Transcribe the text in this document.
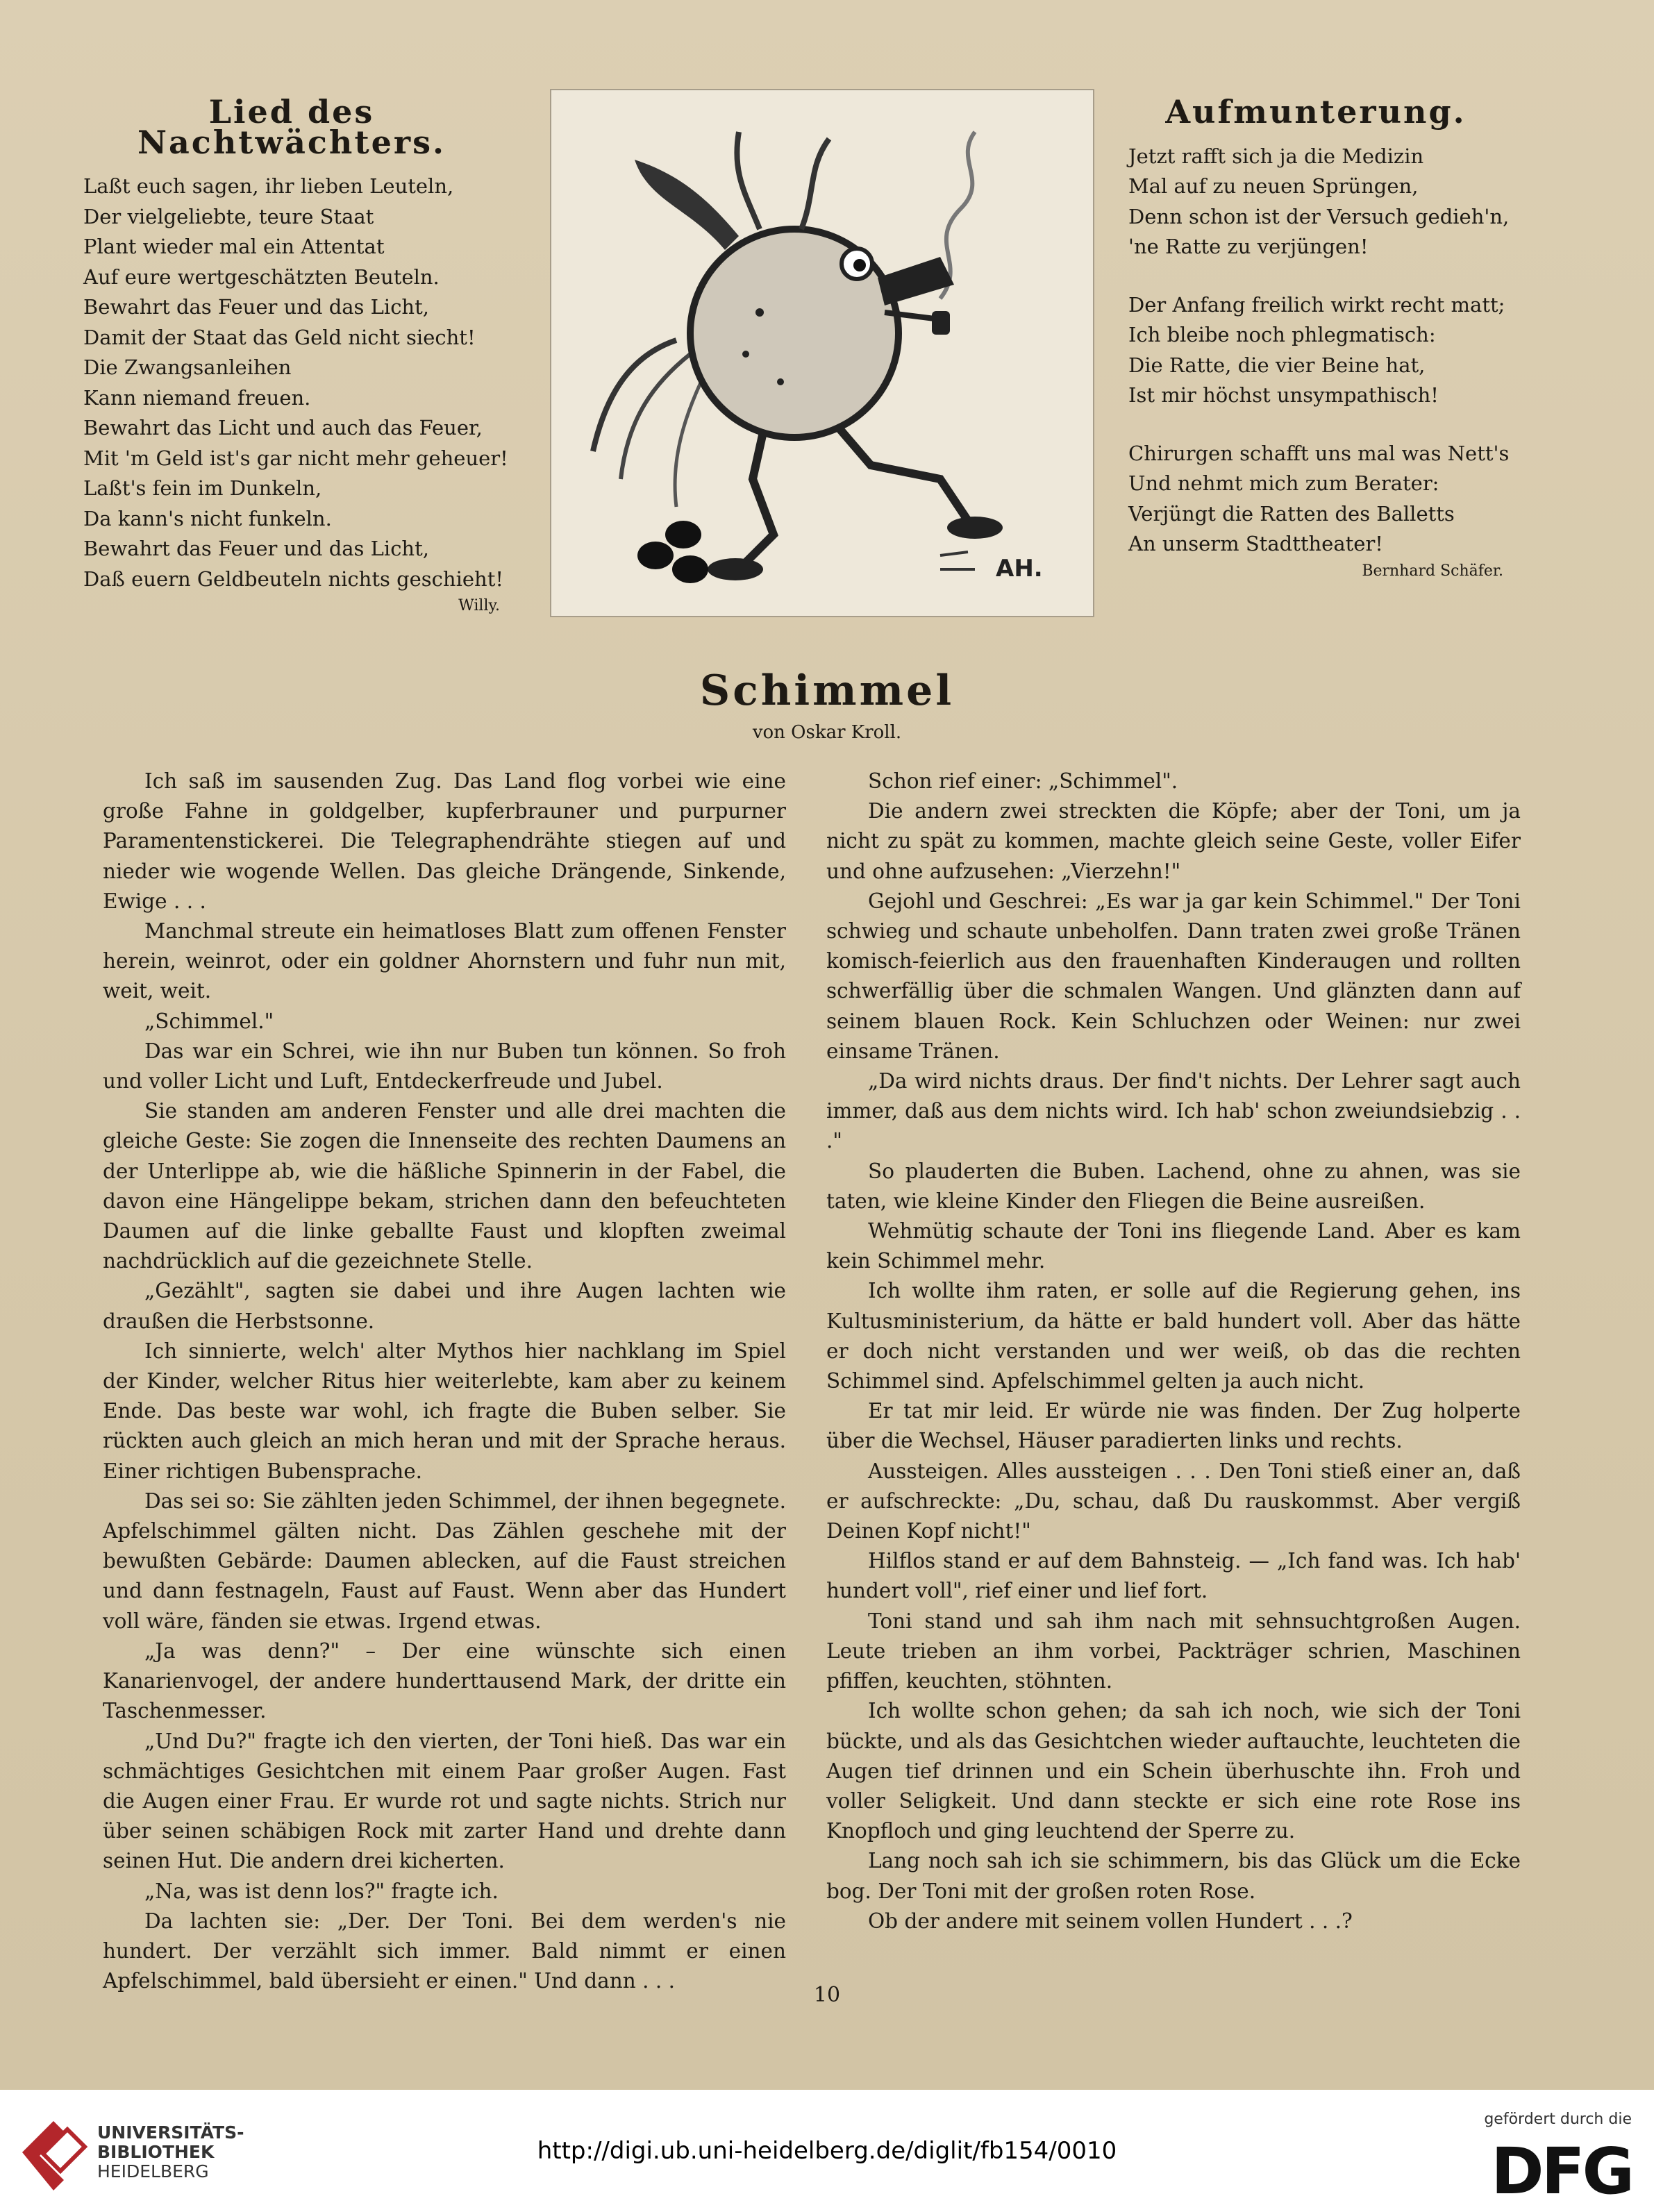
Lied des Nachtwächters.
Laßt euch sagen, ihr lieben Leuteln,
Der vielgeliebte, teure Staat
Plant wieder mal ein Attentat
Auf eure wertgeschätzten Beuteln.
Bewahrt das Feuer und das Licht,
Damit der Staat das Geld nicht siecht!
Die Zwangsanleihen
Kann niemand freuen.
Bewahrt das Licht und auch das Feuer,
Mit 'm Geld ist's gar nicht mehr geheuer!
Laßt's fein im Dunkeln,
Da kann's nicht funkeln.
Bewahrt das Feuer und das Licht,
Daß euern Geldbeuteln nichts geschieht!
Willy.
AH.
Aufmunterung.
Jetzt rafft sich ja die Medizin
Mal auf zu neuen Sprüngen,
Denn schon ist der Versuch gedieh'n,
'ne Ratte zu verjüngen!
Der Anfang freilich wirkt recht matt;
Ich bleibe noch phlegmatisch:
Die Ratte, die vier Beine hat,
Ist mir höchst unsympathisch!
Chirurgen schafft uns mal was Nett's
Und nehmt mich zum Berater:
Verjüngt die Ratten des Balletts
An unserm Stadttheater!
Bernhard Schäfer.
Schimmel
von Oskar Kroll.

Ich saß im sausenden Zug. Das Land flog vorbei wie eine große Fahne in goldgelber, kupferbrauner und purpurner Paramentenstickerei. Die Telegraphendrähte stiegen auf und nieder wie wogende Wellen. Das gleiche Drängende, Sinkende, Ewige . . .

Manchmal streute ein heimatloses Blatt zum offenen Fenster herein, weinrot, oder ein goldner Ahornstern und fuhr nun mit, weit, weit.

„Schimmel."

Das war ein Schrei, wie ihn nur Buben tun können. So froh und voller Licht und Luft, Entdeckerfreude und Jubel.

Sie standen am anderen Fenster und alle drei machten die gleiche Geste: Sie zogen die Innenseite des rechten Daumens an der Unterlippe ab, wie die häßliche Spinnerin in der Fabel, die davon eine Hängelippe bekam, strichen dann den befeuchteten Daumen auf die linke geballte Faust und klopften zweimal nachdrücklich auf die gezeichnete Stelle.

„Gezählt", sagten sie dabei und ihre Augen lachten wie draußen die Herbstsonne.

Ich sinnierte, welch' alter Mythos hier nachklang im Spiel der Kinder, welcher Ritus hier weiterlebte, kam aber zu keinem Ende. Das beste war wohl, ich fragte die Buben selber. Sie rückten auch gleich an mich heran und mit der Sprache heraus. Einer richtigen Bubensprache.

Das sei so: Sie zählten jeden Schimmel, der ihnen begegnete. Apfelschimmel gälten nicht. Das Zählen geschehe mit der bewußten Gebärde: Daumen ablecken, auf die Faust streichen und dann festnageln, Faust auf Faust. Wenn aber das Hundert voll wäre, fänden sie etwas. Irgend etwas.

„Ja was denn?" – Der eine wünschte sich einen Kanarienvogel, der andere hunderttausend Mark, der dritte ein Taschenmesser.

„Und Du?" fragte ich den vierten, der Toni hieß. Das war ein schmächtiges Gesichtchen mit einem Paar großer Augen. Fast die Augen einer Frau. Er wurde rot und sagte nichts. Strich nur über seinen schäbigen Rock mit zarter Hand und drehte dann seinen Hut. Die andern drei kicherten.

„Na, was ist denn los?" fragte ich.

Da lachten sie: „Der. Der Toni. Bei dem werden's nie hundert. Der verzählt sich immer. Bald nimmt er einen Apfelschimmel, bald übersieht er einen." Und dann . . .

Schon rief einer: „Schimmel".

Die andern zwei streckten die Köpfe; aber der Toni, um ja nicht zu spät zu kommen, machte gleich seine Geste, voller Eifer und ohne aufzusehen: „Vierzehn!"

Gejohl und Geschrei: „Es war ja gar kein Schimmel." Der Toni schwieg und schaute unbeholfen. Dann traten zwei große Tränen komisch-feierlich aus den frauenhaften Kinderaugen und rollten schwerfällig über die schmalen Wangen. Und glänzten dann auf seinem blauen Rock. Kein Schluchzen oder Weinen: nur zwei einsame Tränen.

„Da wird nichts draus. Der find't nichts. Der Lehrer sagt auch immer, daß aus dem nichts wird. Ich hab' schon zweiundsiebzig . . ."

So plauderten die Buben. Lachend, ohne zu ahnen, was sie taten, wie kleine Kinder den Fliegen die Beine ausreißen.

Wehmütig schaute der Toni ins fliegende Land. Aber es kam kein Schimmel mehr.

Ich wollte ihm raten, er solle auf die Regierung gehen, ins Kultusministerium, da hätte er bald hundert voll. Aber das hätte er doch nicht verstanden und wer weiß, ob das die rechten Schimmel sind. Apfelschimmel gelten ja auch nicht.

Er tat mir leid. Er würde nie was finden. Der Zug holperte über die Wechsel, Häuser paradierten links und rechts.

Aussteigen. Alles aussteigen . . . Den Toni stieß einer an, daß er aufschreckte: „Du, schau, daß Du rauskommst. Aber vergiß Deinen Kopf nicht!"

Hilflos stand er auf dem Bahnsteig. — „Ich fand was. Ich hab' hundert voll", rief einer und lief fort.

Toni stand und sah ihm nach mit sehnsuchtgroßen Augen. Leute trieben an ihm vorbei, Packträger schrien, Maschinen pfiffen, keuchten, stöhnten.

Ich wollte schon gehen; da sah ich noch, wie sich der Toni bückte, und als das Gesichtchen wieder auftauchte, leuchteten die Augen tief drinnen und ein Schein überhuschte ihn. Froh und voller Seligkeit. Und dann steckte er sich eine rote Rose ins Knopfloch und ging leuchtend der Sperre zu.

Lang noch sah ich sie schimmern, bis das Glück um die Ecke bog. Der Toni mit der großen roten Rose.

Ob der andere mit seinem vollen Hundert . . .?

10
UNIVERSITÄTS-
BIBLIOTHEK
HEIDELBERG
http://digi.ub.uni-heidelberg.de/diglit/fb154/0010
gefördert durch die
DFG
